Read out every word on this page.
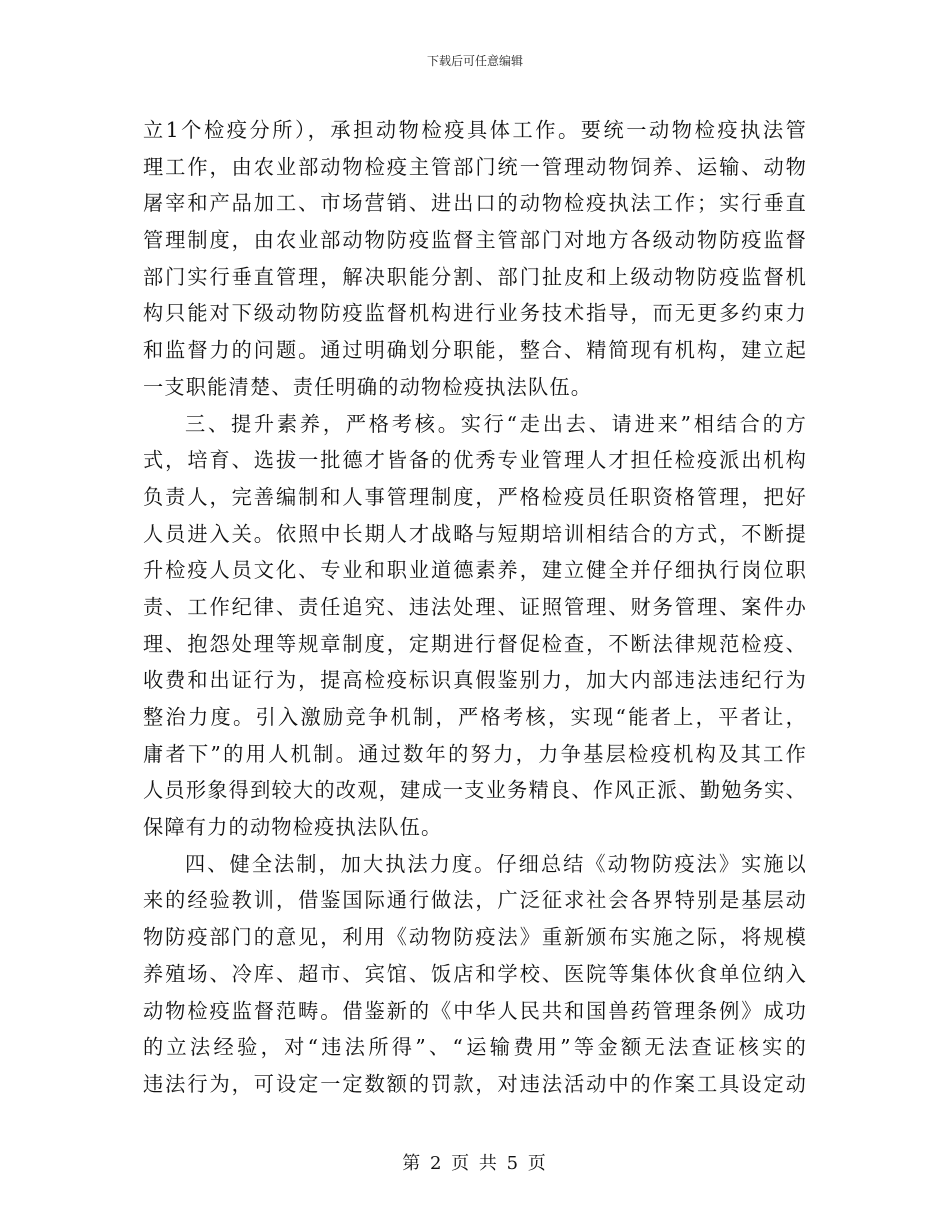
下载后可任意编辑
立1个检疫分所），承担动物检疫具体工作。要统一动物检疫执法管
理工作，由农业部动物检疫主管部门统一管理动物饲养、运输、动物
屠宰和产品加工、市场营销、进出口的动物检疫执法工作；实行垂直
管理制度，由农业部动物防疫监督主管部门对地方各级动物防疫监督
部门实行垂直管理，解决职能分割、部门扯皮和上级动物防疫监督机
构只能对下级动物防疫监督机构进行业务技术指导，而无更多约束力
和监督力的问题。通过明确划分职能，整合、精简现有机构，建立起
一支职能清楚、责任明确的动物检疫执法队伍。
三、提升素养，严格考核。实行“走出去、请进来”相结合的方
式，培育、选拔一批德才皆备的优秀专业管理人才担任检疫派出机构
负责人，完善编制和人事管理制度，严格检疫员任职资格管理，把好
人员进入关。依照中长期人才战略与短期培训相结合的方式，不断提
升检疫人员文化、专业和职业道德素养，建立健全并仔细执行岗位职
责、工作纪律、责任追究、违法处理、证照管理、财务管理、案件办
理、抱怨处理等规章制度，定期进行督促检查，不断法律规范检疫、
收费和出证行为，提高检疫标识真假鉴别力，加大内部违法违纪行为
整治力度。引入激励竞争机制，严格考核，实现“能者上，平者让，
庸者下”的用人机制。通过数年的努力，力争基层检疫机构及其工作
人员形象得到较大的改观，建成一支业务精良、作风正派、勤勉务实、
保障有力的动物检疫执法队伍。
四、健全法制，加大执法力度。仔细总结《动物防疫法》实施以
来的经验教训，借鉴国际通行做法，广泛征求社会各界特别是基层动
物防疫部门的意见，利用《动物防疫法》重新颁布实施之际，将规模
养殖场、冷库、超市、宾馆、饭店和学校、医院等集体伙食单位纳入
动物检疫监督范畴。借鉴新的《中华人民共和国兽药管理条例》成功
的立法经验，对“违法所得”、“运输费用”等金额无法查证核实的
违法行为，可设定一定数额的罚款，对违法活动中的作案工具设定动
第 2 页 共 5 页
